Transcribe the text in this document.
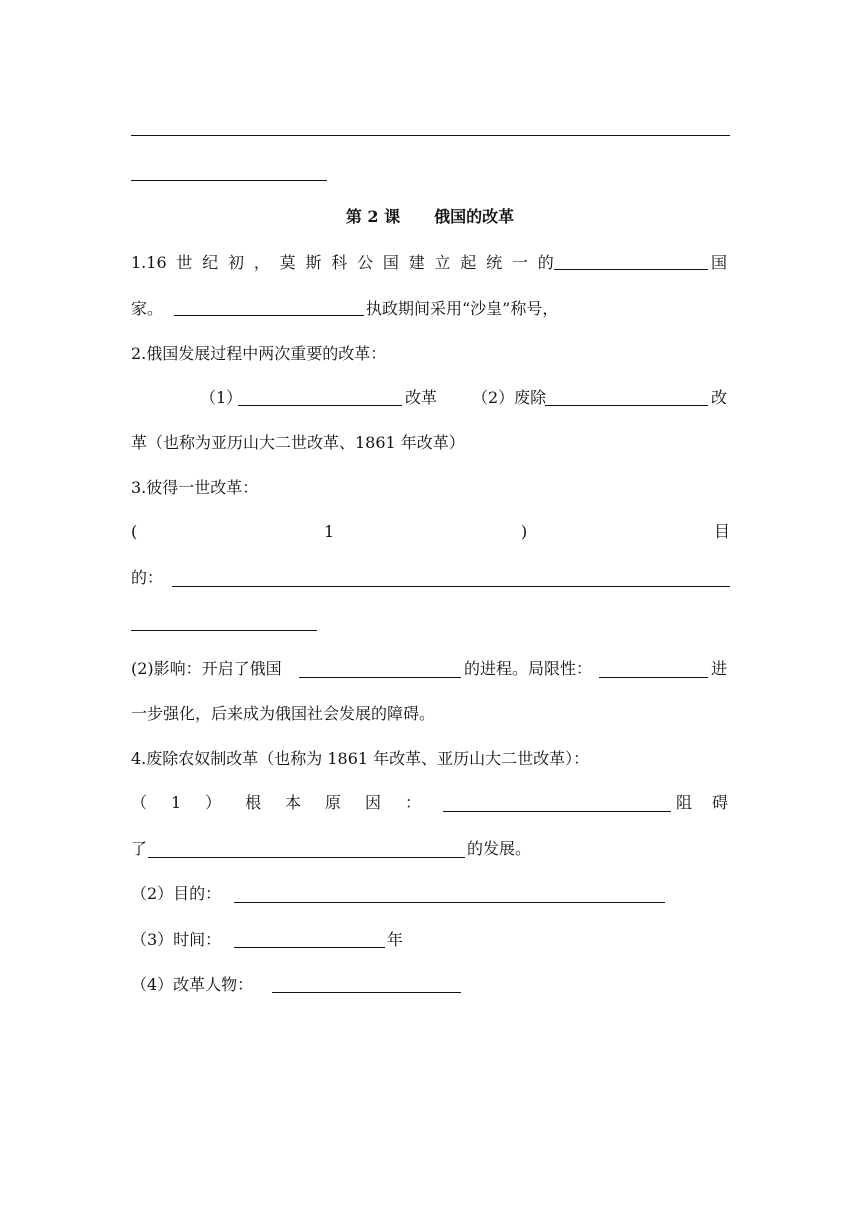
第 2 课 俄国的改革
1.16 世 纪 初 ， 莫 斯 科 公 国 建 立 起 统 一 的	国
家。	执政期间采用“沙皇”称号，
2.俄国发展过程中两次重要的改革：
（1）	改革 （2）废除	改
革（也称为亚历山大二世改革、1861 年改革）
3.彼得一世改革：
(	1	)	目
的：
(2)影响：开启了俄国	的进程。局限性：	进
一步强化，后来成为俄国社会发展的障碍。
4.废除农奴制改革（也称为 1861 年改革、亚历山大二世改革）：
（ 1 ） 根 本 原 因 ：	阻 碍
了	的发展。
（2）目的：
（3）时间：	年
（4）改革人物：
